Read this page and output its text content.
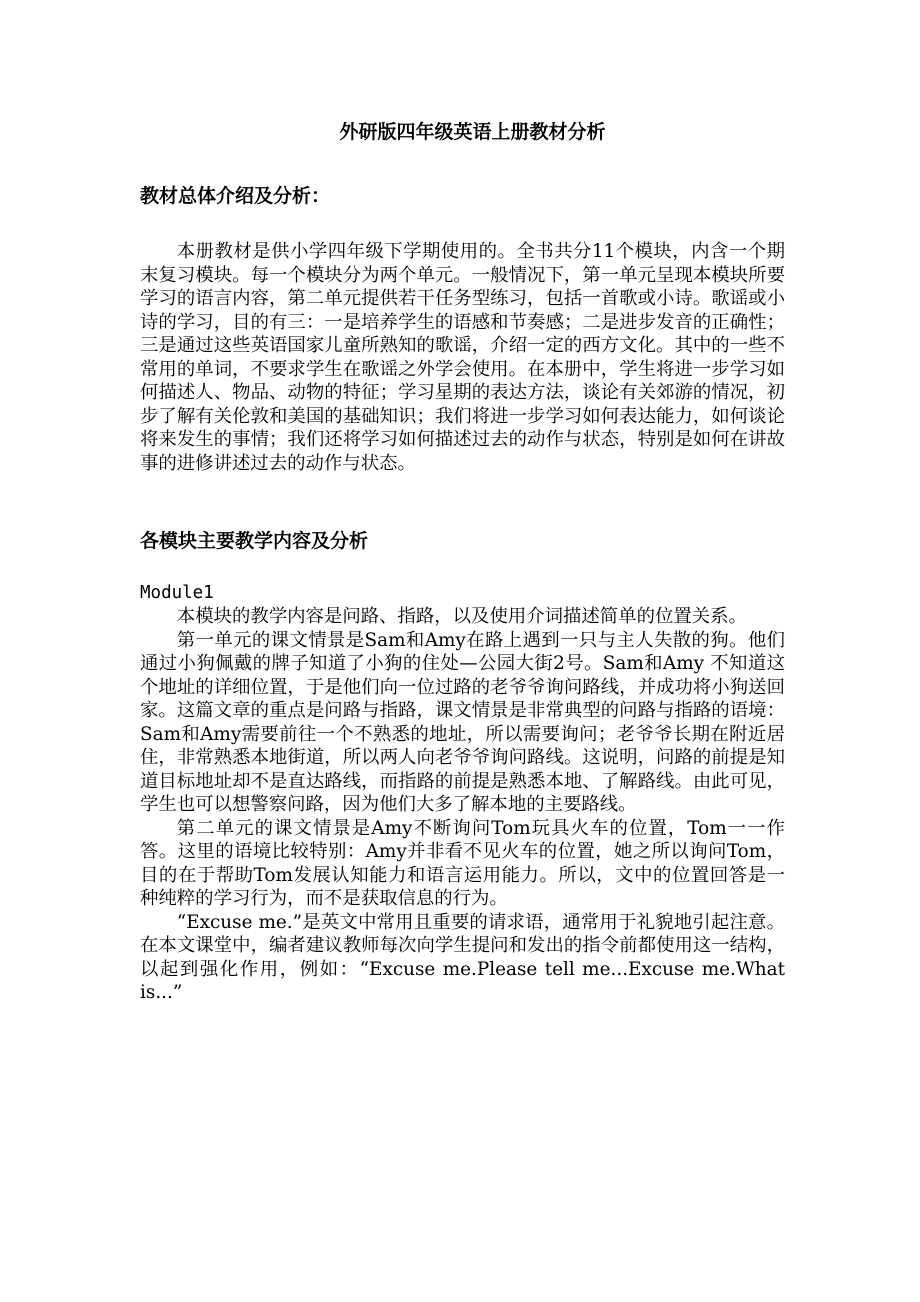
外研版四年级英语上册教材分析
教材总体介绍及分析：

本册教材是供小学四年级下学期使用的。全书共分11个模块，内含一个期末复习模块。每一个模块分为两个单元。一般情况下，第一单元呈现本模块所要学习的语言内容，第二单元提供若干任务型练习，包括一首歌或小诗。歌谣或小诗的学习，目的有三：一是培养学生的语感和节奏感；二是进步发音的正确性；三是通过这些英语国家儿童所熟知的歌谣，介绍一定的西方文化。其中的一些不常用的单词，不要求学生在歌谣之外学会使用。在本册中，学生将进一步学习如何描述人、物品、动物的特征；学习星期的表达方法，谈论有关郊游的情况，初步了解有关伦敦和美国的基础知识；我们将进一步学习如何表达能力，如何谈论将来发生的事情；我们还将学习如何描述过去的动作与状态，特别是如何在讲故事的进修讲述过去的动作与状态。

各模块主要教学内容及分析
Module1

本模块的教学内容是问路、指路，以及使用介词描述简单的位置关系。

第一单元的课文情景是Sam和Amy在路上遇到一只与主人失散的狗。他们通过小狗佩戴的牌子知道了小狗的住处—公园大街2号。Sam和Amy 不知道这个地址的详细位置，于是他们向一位过路的老爷爷询问路线，并成功将小狗送回家。这篇文章的重点是问路与指路，课文情景是非常典型的问路与指路的语境：Sam和Amy需要前往一个不熟悉的地址，所以需要询问；老爷爷长期在附近居住，非常熟悉本地街道，所以两人向老爷爷询问路线。这说明，问路的前提是知道目标地址却不是直达路线，而指路的前提是熟悉本地、了解路线。由此可见，学生也可以想警察问路，因为他们大多了解本地的主要路线。

第二单元的课文情景是Amy不断询问Tom玩具火车的位置，Tom一一作答。这里的语境比较特别：Amy并非看不见火车的位置，她之所以询问Tom，目的在于帮助Tom发展认知能力和语言运用能力。所以，文中的位置回答是一种纯粹的学习行为，而不是获取信息的行为。

“Excuse me.”是英文中常用且重要的请求语，通常用于礼貌地引起注意。在本文课堂中，编者建议教师每次向学生提问和发出的指令前都使用这一结构，以起到强化作用，例如：“Excuse me.Please tell me...Excuse me.What is...”
